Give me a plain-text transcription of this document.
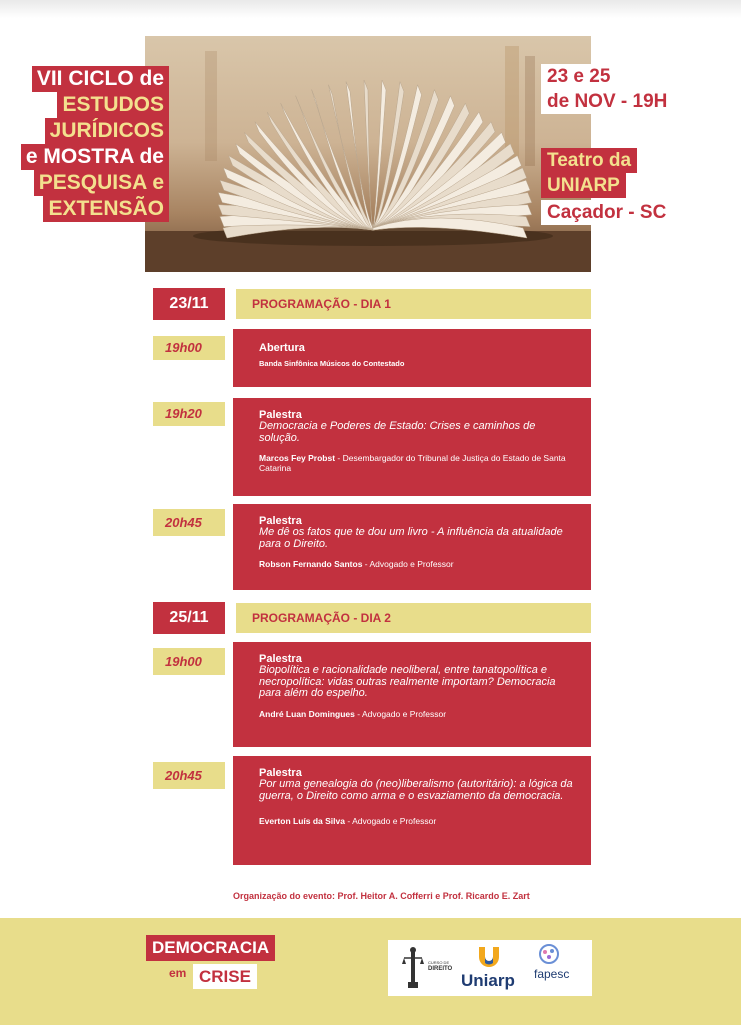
VII CICLO de
ESTUDOS
JURÍDICOS
e MOSTRA de
PESQUISA e
EXTENSÃO
23 e 25
de NOV - 19H
Teatro da
UNIARP
Caçador - SC
23/11	PROGRAMAÇÃO - DIA 1
19h00	Abertura
Banda Sinfônica Músicos do Contestado
19h20	Palestra
Democracia e Poderes de Estado: Crises e caminhos de solução.
Marcos Fey Probst - Desembargador do Tribunal de Justiça do Estado de Santa Catarina
20h45	Palestra
Me dê os fatos que te dou um livro - A influência da atualidade para o Direito.
Robson Fernando Santos - Advogado e Professor
25/11	PROGRAMAÇÃO - DIA 2
19h00	Palestra
Biopolítica e racionalidade neoliberal, entre tanatopolítica e necropolítica: vidas outras realmente importam? Democracia para além do espelho.
André Luan Domingues - Advogado e Professor
20h45	Palestra
Por uma genealogia do (neo)liberalismo (autoritário): a lógica da guerra, o Direito como arma e o esvaziamento da democracia.
Everton Luís da Silva - Advogado e Professor
Organização do evento: Prof. Heitor A. Cofferri e Prof. Ricardo E. Zart
DEMOCRACIA
em CRISE
CURSO DE
DIREITO
Uniarp fapesc
